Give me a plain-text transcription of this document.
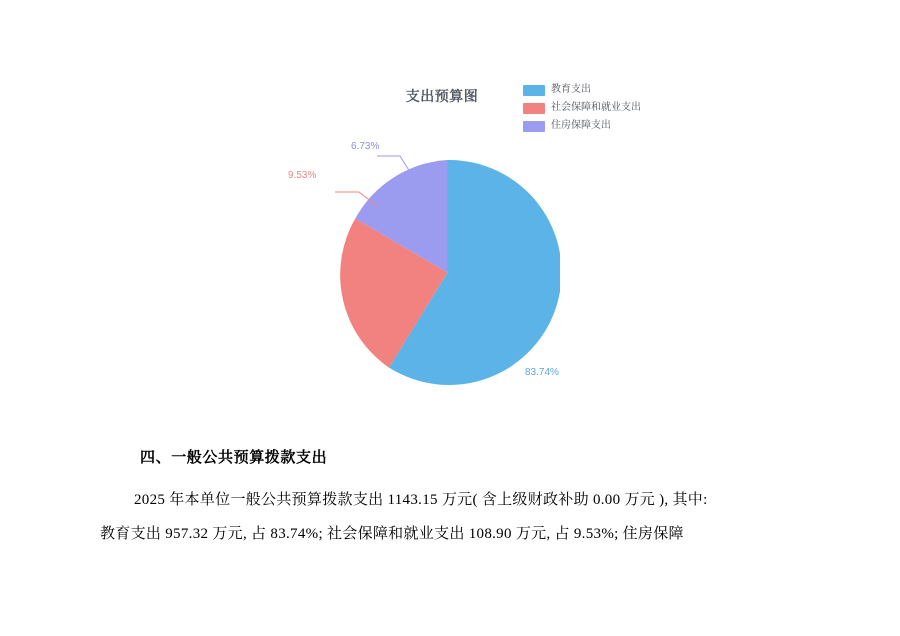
支出预算图	教育支出
社会保障和就业支出
住房保障支出
83.74%
9.53%
6.73%
四、一般公共预算拨款支出

2025 年本单位一般公共预算拨款支出 1143.15 万元( 含上级财政补助 0.00 万元 ), 其中:
教育支出 957.32 万元, 占 83.74%; 社会保障和就业支出 108.90 万元, 占 9.53%; 住房保障
